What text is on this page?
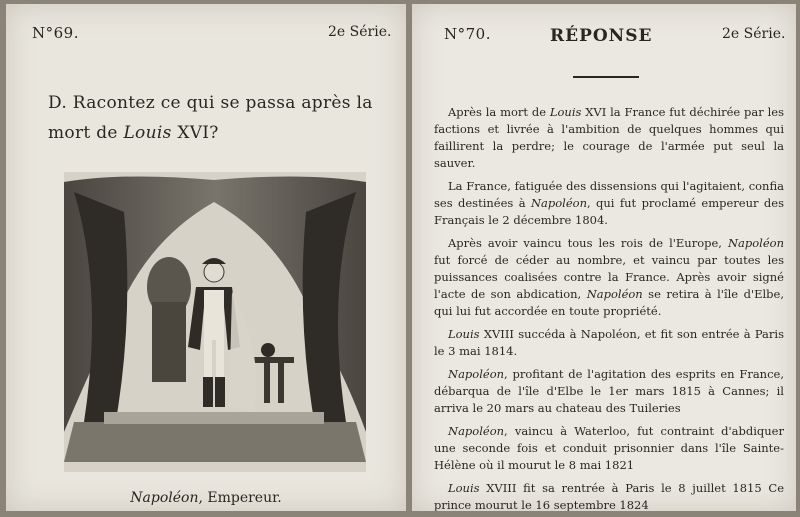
N°69.	2e Série.
D. Racontez ce qui se passa après la mort de Louis XVI?
Napoléon, Empereur.
N°70.	RÉPONSE	2e Série.

Après la mort de Louis XVI la France fut déchirée par les factions et livrée à l'ambition de quelques hommes qui faillirent la perdre; le courage de l'armée put seul la sauver.

La France, fatiguée des dissensions qui l'agitaient, confia ses destinées à Napoléon, qui fut proclamé empereur des Français le 2 décembre 1804.

Après avoir vaincu tous les rois de l'Europe, Napoléon fut forcé de céder au nombre, et vaincu par toutes les puissances coalisées contre la France. Après avoir signé l'acte de son abdication, Napoléon se retira à l'île d'Elbe, qui lui fut accordée en toute propriété.

Louis XVIII succéda à Napoléon, et fit son entrée à Paris le 3 mai 1814.

Napoléon, profitant de l'agitation des esprits en France, débarqua de l'île d'Elbe le 1er mars 1815 à Cannes; il arriva le 20 mars au chateau des Tuileries

Napoléon, vaincu à Waterloo, fut contraint d'abdiquer une seconde fois et conduit prisonnier dans l'île Sainte-Hélène où il mourut le 8 mai 1821

Louis XVIII fit sa rentrée à Paris le 8 juillet 1815 Ce prince mourut le 16 septembre 1824
